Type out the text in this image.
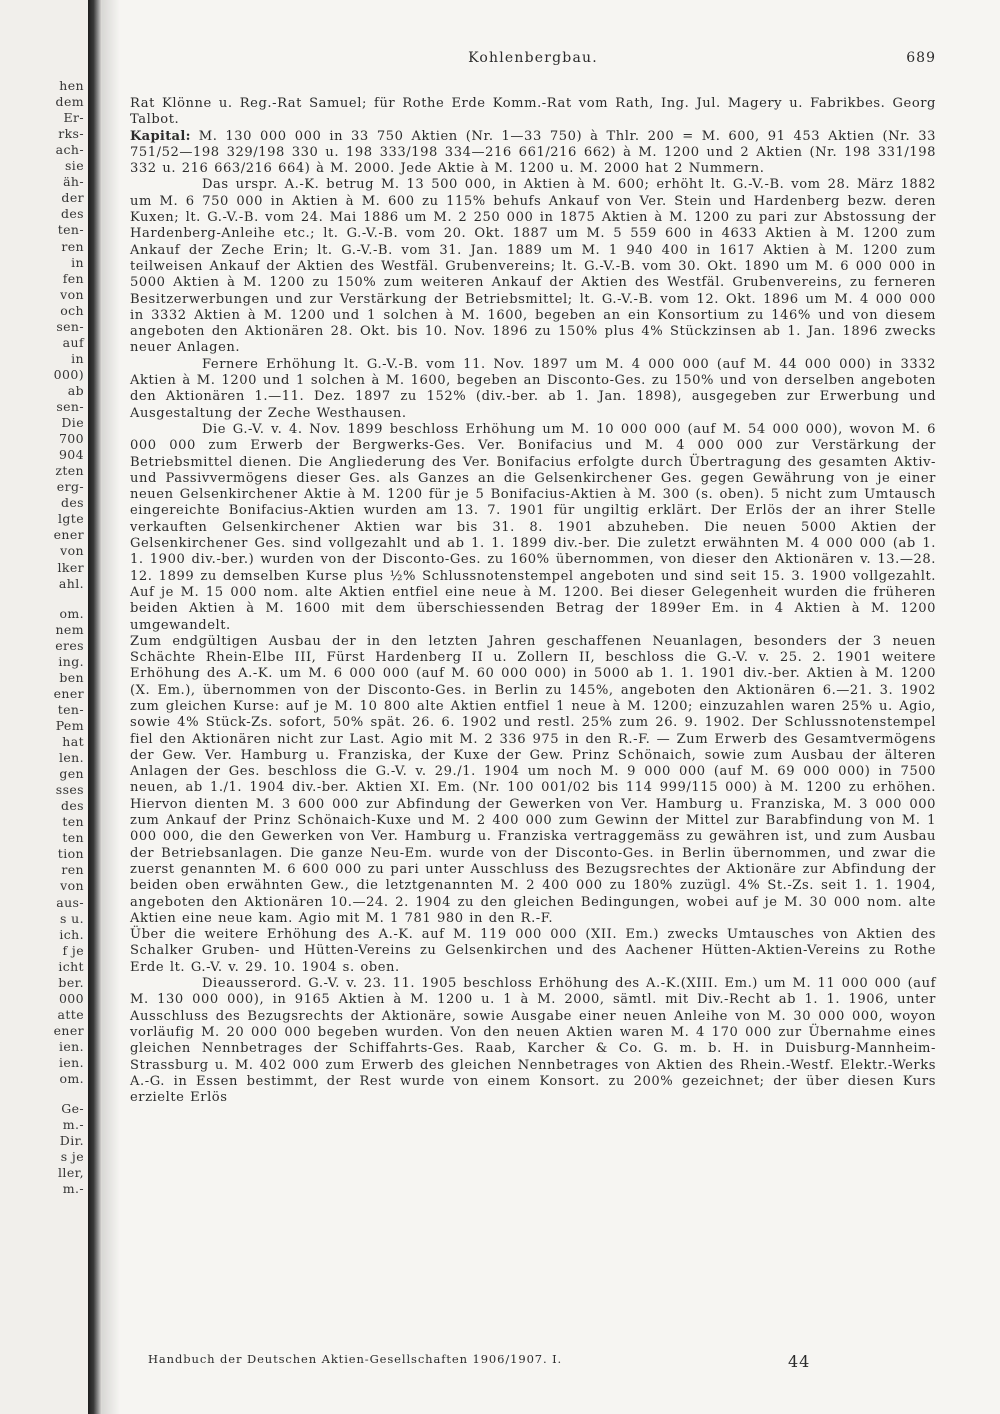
hen
dem
Er-
rks-
ach-
sie
äh-
der
des
ten-
ren
in
fen
von
och
sen-
auf
in
000)
ab
sen-
Die
700
904
zten
erg-
des
lgte
ener
von
lker
ahl.
om.
nem
eres
ing.
ben
ener
ten-
Pem
hat
len.
gen
sses
des
ten
ten
tion
ren
von
aus-
s u.
ich.
f je
icht
ber.
000
atte
ener
ien.
ien.
om.
Ge-
m.-
Dir.
s je
ller,
m.-
Kohlenbergbau.	689

Rat Klönne u. Reg.-Rat Samuel; für Rothe Erde Komm.-Rat vom Rath, Ing. Jul. Magery u. Fabrikbes. Georg Talbot.

Kapital: M. 130 000 000 in 33 750 Aktien (Nr. 1—33 750) à Thlr. 200 = M. 600, 91 453 Aktien (Nr. 33 751/52—198 329/198 330 u. 198 333/198 334—216 661/216 662) à M. 1200 und 2 Aktien (Nr. 198 331/198 332 u. 216 663/216 664) à M. 2000. Jede Aktie à M. 1200 u. M. 2000 hat 2 Nummern.

Das urspr. A.-K. betrug M. 13 500 000, in Aktien à M. 600; erhöht lt. G.-V.-B. vom 28. März 1882 um M. 6 750 000 in Aktien à M. 600 zu 115% behufs Ankauf von Ver. Stein und Hardenberg bezw. deren Kuxen; lt. G.-V.-B. vom 24. Mai 1886 um M. 2 250 000 in 1875 Aktien à M. 1200 zu pari zur Abstossung der Hardenberg-Anleihe etc.; lt. G.-V.-B. vom 20. Okt. 1887 um M. 5 559 600 in 4633 Aktien à M. 1200 zum Ankauf der Zeche Erin; lt. G.-V.-B. vom 31. Jan. 1889 um M. 1 940 400 in 1617 Aktien à M. 1200 zum teilweisen Ankauf der Aktien des Westfäl. Grubenvereins; lt. G.-V.-B. vom 30. Okt. 1890 um M. 6 000 000 in 5000 Aktien à M. 1200 zu 150% zum weiteren Ankauf der Aktien des Westfäl. Grubenvereins, zu ferneren Besitzerwerbungen und zur Verstärkung der Betriebsmittel; lt. G.-V.-B. vom 12. Okt. 1896 um M. 4 000 000 in 3332 Aktien à M. 1200 und 1 solchen à M. 1600, begeben an ein Konsortium zu 146% und von diesem angeboten den Aktionären 28. Okt. bis 10. Nov. 1896 zu 150% plus 4% Stückzinsen ab 1. Jan. 1896 zwecks neuer Anlagen.

Fernere Erhöhung lt. G.-V.-B. vom 11. Nov. 1897 um M. 4 000 000 (auf M. 44 000 000) in 3332 Aktien à M. 1200 und 1 solchen à M. 1600, begeben an Disconto-Ges. zu 150% und von derselben angeboten den Aktionären 1.—11. Dez. 1897 zu 152% (div.-ber. ab 1. Jan. 1898), ausgegeben zur Erwerbung und Ausgestaltung der Zeche Westhausen.

Die G.-V. v. 4. Nov. 1899 beschloss Erhöhung um M. 10 000 000 (auf M. 54 000 000), wovon M. 6 000 000 zum Erwerb der Bergwerks-Ges. Ver. Bonifacius und M. 4 000 000 zur Verstärkung der Betriebsmittel dienen. Die Angliederung des Ver. Bonifacius erfolgte durch Übertragung des gesamten Aktiv- und Passivvermögens dieser Ges. als Ganzes an die Gelsenkirchener Ges. gegen Gewährung von je einer neuen Gelsenkirchener Aktie à M. 1200 für je 5 Bonifacius-Aktien à M. 300 (s. oben). 5 nicht zum Umtausch eingereichte Bonifacius-Aktien wurden am 13. 7. 1901 für ungiltig erklärt. Der Erlös der an ihrer Stelle verkauften Gelsenkirchener Aktien war bis 31. 8. 1901 abzuheben. Die neuen 5000 Aktien der Gelsenkirchener Ges. sind vollgezahlt und ab 1. 1. 1899 div.-ber. Die zuletzt erwähnten M. 4 000 000 (ab 1. 1. 1900 div.-ber.) wurden von der Disconto-Ges. zu 160% übernommen, von dieser den Aktionären v. 13.—28. 12. 1899 zu demselben Kurse plus ½% Schlussnotenstempel angeboten und sind seit 15. 3. 1900 vollgezahlt. Auf je M. 15 000 nom. alte Aktien entfiel eine neue à M. 1200. Bei dieser Gelegenheit wurden die früheren beiden Aktien à M. 1600 mit dem überschiessenden Betrag der 1899er Em. in 4 Aktien à M. 1200 umgewandelt.

Zum endgültigen Ausbau der in den letzten Jahren geschaffenen Neuanlagen, besonders der 3 neuen Schächte Rhein-Elbe III, Fürst Hardenberg II u. Zollern II, beschloss die G.-V. v. 25. 2. 1901 weitere Erhöhung des A.-K. um M. 6 000 000 (auf M. 60 000 000) in 5000 ab 1. 1. 1901 div.-ber. Aktien à M. 1200 (X. Em.), übernommen von der Disconto-Ges. in Berlin zu 145%, angeboten den Aktionären 6.—21. 3. 1902 zum gleichen Kurse: auf je M. 10 800 alte Aktien entfiel 1 neue à M. 1200; einzuzahlen waren 25% u. Agio, sowie 4% Stück-Zs. sofort, 50% spät. 26. 6. 1902 und restl. 25% zum 26. 9. 1902. Der Schlussnotenstempel fiel den Aktionären nicht zur Last. Agio mit M. 2 336 975 in den R.-F. — Zum Erwerb des Gesamtvermögens der Gew. Ver. Hamburg u. Franziska, der Kuxe der Gew. Prinz Schönaich, sowie zum Ausbau der älteren Anlagen der Ges. beschloss die G.-V. v. 29./1. 1904 um noch M. 9 000 000 (auf M. 69 000 000) in 7500 neuen, ab 1./1. 1904 div.-ber. Aktien XI. Em. (Nr. 100 001/02 bis 114 999/115 000) à M. 1200 zu erhöhen. Hiervon dienten M. 3 600 000 zur Abfindung der Gewerken von Ver. Hamburg u. Franziska, M. 3 000 000 zum Ankauf der Prinz Schönaich-Kuxe und M. 2 400 000 zum Gewinn der Mittel zur Barabfindung von M. 1 000 000, die den Gewerken von Ver. Hamburg u. Franziska vertraggemäss zu gewähren ist, und zum Ausbau der Betriebsanlagen. Die ganze Neu-Em. wurde von der Disconto-Ges. in Berlin übernommen, und zwar die zuerst genannten M. 6 600 000 zu pari unter Ausschluss des Bezugsrechtes der Aktionäre zur Abfindung der beiden oben erwähnten Gew., die letztgenannten M. 2 400 000 zu 180% zuzügl. 4% St.-Zs. seit 1. 1. 1904, angeboten den Aktionären 10.—24. 2. 1904 zu den gleichen Bedingungen, wobei auf je M. 30 000 nom. alte Aktien eine neue kam. Agio mit M. 1 781 980 in den R.-F.

Über die weitere Erhöhung des A.-K. auf M. 119 000 000 (XII. Em.) zwecks Umtausches von Aktien des Schalker Gruben- und Hütten-Vereins zu Gelsenkirchen und des Aachener Hütten-Aktien-Vereins zu Rothe Erde lt. G.-V. v. 29. 10. 1904 s. oben.

Dieausserord. G.-V. v. 23. 11. 1905 beschloss Erhöhung des A.-K.(XIII. Em.) um M. 11 000 000 (auf M. 130 000 000), in 9165 Aktien à M. 1200 u. 1 à M. 2000, sämtl. mit Div.-Recht ab 1. 1. 1906, unter Ausschluss des Bezugsrechts der Aktionäre, sowie Ausgabe einer neuen Anleihe von M. 30 000 000, woyon vorläufig M. 20 000 000 begeben wurden. Von den neuen Aktien waren M. 4 170 000 zur Übernahme eines gleichen Nennbetrages der Schiffahrts-Ges. Raab, Karcher & Co. G. m. b. H. in Duisburg-Mannheim-Strassburg u. M. 402 000 zum Erwerb des gleichen Nennbetrages von Aktien des Rhein.-Westf. Elektr.-Werks A.-G. in Essen bestimmt, der Rest wurde von einem Konsort. zu 200% gezeichnet; der über diesen Kurs erzielte Erlös

Handbuch der Deutschen Aktien-Gesellschaften 1906/1907. I.	44
